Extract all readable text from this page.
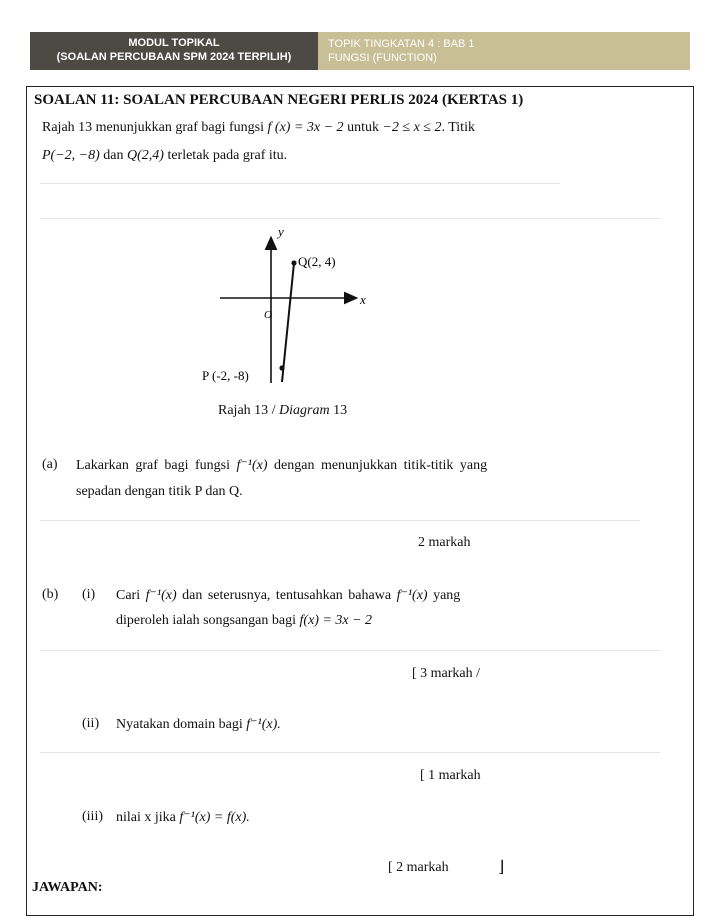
MODUL TOPIKAL
(SOALAN PERCUBAAN SPM 2024 TERPILIH)
TOPIK TINGKATAN 4 : BAB 1
FUNGSI (FUNCTION)
SOALAN 11: SOALAN PERCUBAAN NEGERI PERLIS 2024 (KERTAS 1)
Rajah 13 menunjukkan graf bagi fungsi f (x) = 3x − 2 untuk −2 ≤ x ≤ 2. Titik
P(−2, −8) dan Q(2,4) terletak pada graf itu.
y
x
O
Q(2, 4)
P (-2, -8)
Rajah 13 / Diagram 13
(a) Lakarkan graf bagi fungsi f⁻¹(x) dengan menunjukkan titik-titik yang
sepadan dengan titik P dan Q.
2 markah
(b) (i) Cari f⁻¹(x) dan seterusnya, tentusahkan bahawa f⁻¹(x) yang
diperoleh ialah songsangan bagi f(x) = 3x − 2
[ 3 markah /
(ii) Nyatakan domain bagi f⁻¹(x).
[ 1 markah
(iii) nilai x jika f⁻¹(x) = f(x).
[ 2 markah	⌋
JAWAPAN:
